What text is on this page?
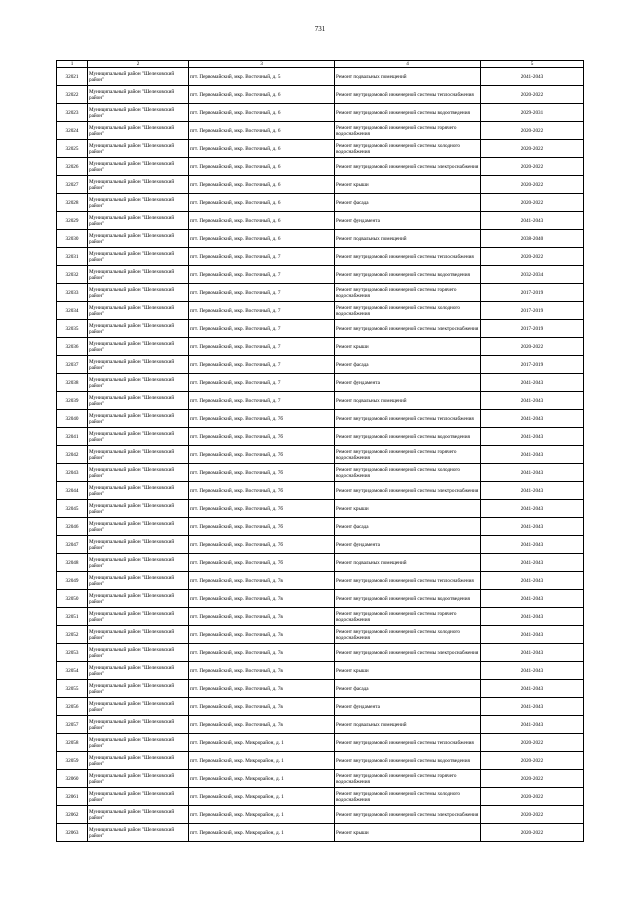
731
1	2	3	4	5
32021	Муниципальный район "Шелеховский район"	пгт. Первомайский, мкр. Восточный, д. 5	Ремонт подвальных помещений	2041-2043
32022	Муниципальный район "Шелеховский район"	пгт. Первомайский, мкр. Восточный, д. 6	Ремонт внутридомовой инженерной системы теплоснабжения	2020-2022
32023	Муниципальный район "Шелеховский район"	пгт. Первомайский, мкр. Восточный, д. 6	Ремонт внутридомовой инженерной системы водоотведения	2029-2031
32024	Муниципальный район "Шелеховский район"	пгт. Первомайский, мкр. Восточный, д. 6	Ремонт внутридомовой инженерной системы горячего водоснабжения	2020-2022
32025	Муниципальный район "Шелеховский район"	пгт. Первомайский, мкр. Восточный, д. 6	Ремонт внутридомовой инженерной системы холодного водоснабжения	2020-2022
32026	Муниципальный район "Шелеховский район"	пгт. Первомайский, мкр. Восточный, д. 6	Ремонт внутридомовой инженерной системы электроснабжения	2020-2022
32027	Муниципальный район "Шелеховский район"	пгт. Первомайский, мкр. Восточный, д. 6	Ремонт крыши	2020-2022
32028	Муниципальный район "Шелеховский район"	пгт. Первомайский, мкр. Восточный, д. 6	Ремонт фасада	2020-2022
32029	Муниципальный район "Шелеховский район"	пгт. Первомайский, мкр. Восточный, д. 6	Ремонт фундамента	2041-2043
32030	Муниципальный район "Шелеховский район"	пгт. Первомайский, мкр. Восточный, д. 6	Ремонт подвальных помещений	2038-2040
32031	Муниципальный район "Шелеховский район"	пгт. Первомайский, мкр. Восточный, д. 7	Ремонт внутридомовой инженерной системы теплоснабжения	2020-2022
32032	Муниципальный район "Шелеховский район"	пгт. Первомайский, мкр. Восточный, д. 7	Ремонт внутридомовой инженерной системы водоотведения	2032-2034
32033	Муниципальный район "Шелеховский район"	пгт. Первомайский, мкр. Восточный, д. 7	Ремонт внутридомовой инженерной системы горячего водоснабжения	2017-2019
32034	Муниципальный район "Шелеховский район"	пгт. Первомайский, мкр. Восточный, д. 7	Ремонт внутридомовой инженерной системы холодного водоснабжения	2017-2019
32035	Муниципальный район "Шелеховский район"	пгт. Первомайский, мкр. Восточный, д. 7	Ремонт внутридомовой инженерной системы электроснабжения	2017-2019
32036	Муниципальный район "Шелеховский район"	пгт. Первомайский, мкр. Восточный, д. 7	Ремонт крыши	2020-2022
32037	Муниципальный район "Шелеховский район"	пгт. Первомайский, мкр. Восточный, д. 7	Ремонт фасада	2017-2019
32038	Муниципальный район "Шелеховский район"	пгт. Первомайский, мкр. Восточный, д. 7	Ремонт фундамента	2041-2043
32039	Муниципальный район "Шелеховский район"	пгт. Первомайский, мкр. Восточный, д. 7	Ремонт подвальных помещений	2041-2043
32040	Муниципальный район "Шелеховский район"	пгт. Первомайский, мкр. Восточный, д. 7б	Ремонт внутридомовой инженерной системы теплоснабжения	2041-2043
32041	Муниципальный район "Шелеховский район"	пгт. Первомайский, мкр. Восточный, д. 7б	Ремонт внутридомовой инженерной системы водоотведения	2041-2043
32042	Муниципальный район "Шелеховский район"	пгт. Первомайский, мкр. Восточный, д. 7б	Ремонт внутридомовой инженерной системы горячего водоснабжения	2041-2043
32043	Муниципальный район "Шелеховский район"	пгт. Первомайский, мкр. Восточный, д. 7б	Ремонт внутридомовой инженерной системы холодного водоснабжения	2041-2043
32044	Муниципальный район "Шелеховский район"	пгт. Первомайский, мкр. Восточный, д. 7б	Ремонт внутридомовой инженерной системы электроснабжения	2041-2043
32045	Муниципальный район "Шелеховский район"	пгт. Первомайский, мкр. Восточный, д. 7б	Ремонт крыши	2041-2043
32046	Муниципальный район "Шелеховский район"	пгт. Первомайский, мкр. Восточный, д. 7б	Ремонт фасада	2041-2043
32047	Муниципальный район "Шелеховский район"	пгт. Первомайский, мкр. Восточный, д. 7б	Ремонт фундамента	2041-2043
32048	Муниципальный район "Шелеховский район"	пгт. Первомайский, мкр. Восточный, д. 7б	Ремонт подвальных помещений	2041-2043
32049	Муниципальный район "Шелеховский район"	пгт. Первомайский, мкр. Восточный, д. 7в	Ремонт внутридомовой инженерной системы теплоснабжения	2041-2043
32050	Муниципальный район "Шелеховский район"	пгт. Первомайский, мкр. Восточный, д. 7в	Ремонт внутридомовой инженерной системы водоотведения	2041-2043
32051	Муниципальный район "Шелеховский район"	пгт. Первомайский, мкр. Восточный, д. 7в	Ремонт внутридомовой инженерной системы горячего водоснабжения	2041-2043
32052	Муниципальный район "Шелеховский район"	пгт. Первомайский, мкр. Восточный, д. 7в	Ремонт внутридомовой инженерной системы холодного водоснабжения	2041-2043
32053	Муниципальный район "Шелеховский район"	пгт. Первомайский, мкр. Восточный, д. 7в	Ремонт внутридомовой инженерной системы электроснабжения	2041-2043
32054	Муниципальный район "Шелеховский район"	пгт. Первомайский, мкр. Восточный, д. 7в	Ремонт крыши	2041-2043
32055	Муниципальный район "Шелеховский район"	пгт. Первомайский, мкр. Восточный, д. 7в	Ремонт фасада	2041-2043
32056	Муниципальный район "Шелеховский район"	пгт. Первомайский, мкр. Восточный, д. 7в	Ремонт фундамента	2041-2043
32057	Муниципальный район "Шелеховский район"	пгт. Первомайский, мкр. Восточный, д. 7в	Ремонт подвальных помещений	2041-2043
32058	Муниципальный район "Шелеховский район"	пгт. Первомайский, мкр. Микрорайон, д. 1	Ремонт внутридомовой инженерной системы теплоснабжения	2020-2022
32059	Муниципальный район "Шелеховский район"	пгт. Первомайский, мкр. Микрорайон, д. 1	Ремонт внутридомовой инженерной системы водоотведения	2020-2022
32060	Муниципальный район "Шелеховский район"	пгт. Первомайский, мкр. Микрорайон, д. 1	Ремонт внутридомовой инженерной системы горячего водоснабжения	2020-2022
32061	Муниципальный район "Шелеховский район"	пгт. Первомайский, мкр. Микрорайон, д. 1	Ремонт внутридомовой инженерной системы холодного водоснабжения	2020-2022
32062	Муниципальный район "Шелеховский район"	пгт. Первомайский, мкр. Микрорайон, д. 1	Ремонт внутридомовой инженерной системы электроснабжения	2020-2022
32063	Муниципальный район "Шелеховский район"	пгт. Первомайский, мкр. Микрорайон, д. 1	Ремонт крыши	2020-2022
